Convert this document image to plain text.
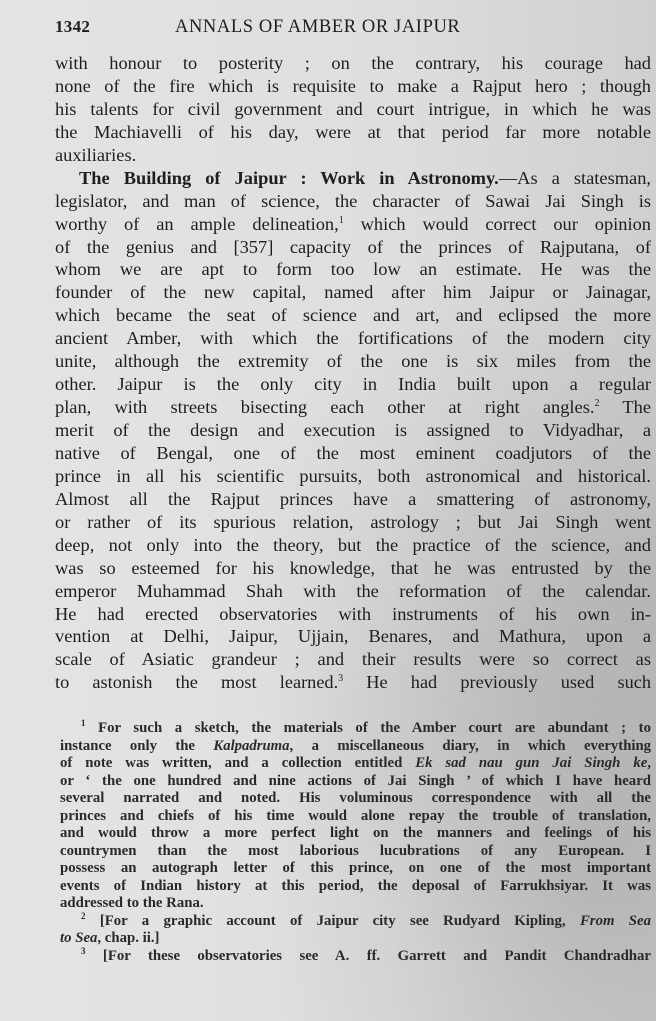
1342	ANNALS OF AMBER OR JAIPUR

with honour to posterity ; on the contrary, his courage had
none of the fire which is requisite to make a Rajput hero ; though
his talents for civil government and court intrigue, in which he was
the Machiavelli of his day, were at that period far more notable
auxiliaries.

The Building of Jaipur : Work in Astronomy.—As a statesman,
legislator, and man of science, the character of Sawai Jai Singh is
worthy of an ample delineation,$^1$ which would correct our opinion
of the genius and [357] capacity of the princes of Rajputana, of
whom we are apt to form too low an estimate. He was the
founder of the new capital, named after him Jaipur or Jainagar,
which became the seat of science and art, and eclipsed the more
ancient Amber, with which the fortifications of the modern city
unite, although the extremity of the one is six miles from the
other. Jaipur is the only city in India built upon a regular
plan, with streets bisecting each other at right angles.$^2$ The
merit of the design and execution is assigned to Vidyadhar, a
native of Bengal, one of the most eminent coadjutors of the
prince in all his scientific pursuits, both astronomical and historical.
Almost all the Rajput princes have a smattering of astronomy,
or rather of its spurious relation, astrology ; but Jai Singh went
deep, not only into the theory, but the practice of the science, and
was so esteemed for his knowledge, that he was entrusted by the
emperor Muhammad Shah with the reformation of the calendar.
He had erected observatories with instruments of his own in-
vention at Delhi, Jaipur, Ujjain, Benares, and Mathura, upon a
scale of Asiatic grandeur ; and their results were so correct as
to astonish the most learned.$^3$ He had previously used such

$^1$ For such a sketch, the materials of the Amber court are abundant ; to
instance only the Kalpadruma, a miscellaneous diary, in which everything
of note was written, and a collection entitled Ek sad nau gun Jai Singh ke,
or ‘ the one hundred and nine actions of Jai Singh ’ of which I have heard
several narrated and noted. His voluminous correspondence with all the
princes and chiefs of his time would alone repay the trouble of translation,
and would throw a more perfect light on the manners and feelings of his
countrymen than the most laborious lucubrations of any European. I
possess an autograph letter of this prince, on one of the most important
events of Indian history at this period, the deposal of Farrukhsiyar. It was
addressed to the Rana.
$^2$ [For a graphic account of Jaipur city see Rudyard Kipling, From Sea
to Sea, chap. ii.]
$^3$ [For these observatories see A. ff. Garrett and Pandit Chandradhar
